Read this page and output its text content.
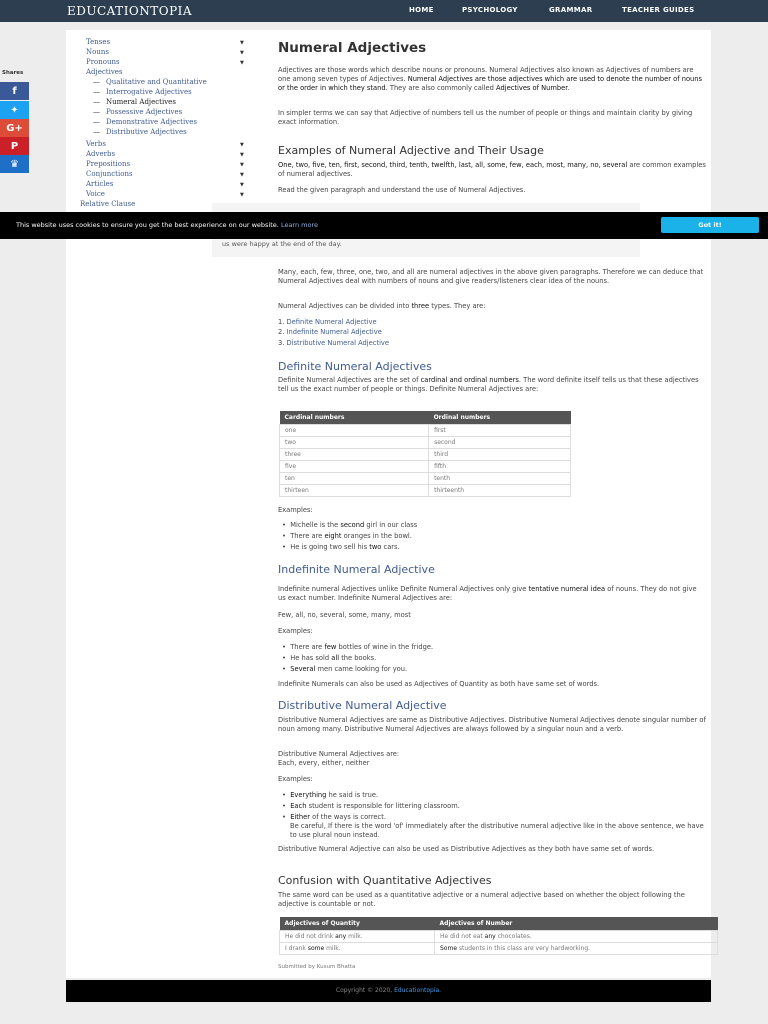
EDUCATIONTOPIA	HOME	PSYCHOLOGY	GRAMMAR	TEACHER GUIDES
Shares
f
✦
G+
P
♛
Tenses	▼
Nouns	▼
Pronouns	▼
Adjectives
— Qualitative and Quantitative
— Interrogative Adjectives
— Numeral Adjectives
— Possessive Adjectives
— Demonstrative Adjectives
— Distributive Adjectives
Verbs	▼
Adverbs	▼
Prepositions	▼
Conjunctions	▼
Articles	▼
Voice	▼
Relative Clause
Numeral Adjectives
Adjectives are those words which describe nouns or pronouns. Numeral Adjectives also known as Adjectives of numbers are one among seven types of Adjectives. Numeral Adjectives are those adjectives which are used to denote the number of nouns or the order in which they stand. They are also commonly called Adjectives of Number.
In simpler terms we can say that Adjective of numbers tell us the number of people or things and maintain clarity by giving exact information.
Examples of Numeral Adjective and Their Usage
One, two, five, ten, first, second, third, tenth, twelfth, last, all, some, few, each, most, many, no, several are common examples of numeral adjectives.
Read the given paragraph and understand the use of Numeral Adjectives.
us were happy at the end of the day.
This website uses cookies to ensure you get the best experience on our website. Learn more	Got it!
Many, each, few, three, one, two, and all are numeral adjectives in the above given paragraphs. Therefore we can deduce that Numeral Adjectives deal with numbers of nouns and give readers/listeners clear idea of the nouns.
Numeral Adjectives can be divided into three types. They are:
1. Definite Numeral Adjective
2. Indefinite Numeral Adjective
3. Distributive Numeral Adjective
Definite Numeral Adjectives
Definite Numeral Adjectives are the set of cardinal and ordinal numbers. The word definite itself tells us that these adjectives tell us the exact number of people or things. Definite Numeral Adjectives are:
Cardinal numbers	Ordinal numbers
one	first
two	second
three	third
five	fifth
ten	tenth
thirteen	thirteenth
Examples:
•  Michelle is the second girl in our class
•  There are eight oranges in the bowl.
•  He is going two sell his two cars.
Indefinite Numeral Adjective
Indefinite numeral Adjectives unlike Definite Numeral Adjectives only give tentative numeral idea of nouns. They do not give us exact number. Indefinite Numeral Adjectives are:
Few, all, no, several, some, many, most
Examples:
•  There are few bottles of wine in the fridge.
•  He has sold all the books.
•  Several men came looking for you.
Indefinite Numerals can also be used as Adjectives of Quantity as both have same set of words.
Distributive Numeral Adjective
Distributive Numeral Adjectives are same as Distributive Adjectives. Distributive Numeral Adjectives denote singular number of noun among many. Distributive Numeral Adjectives are always followed by a singular noun and a verb.
Distributive Numeral Adjectives are:
Each, every, either, neither
Examples:
•  Everything he said is true.
•  Each student is responsible for littering classroom.
•  Either of the ways is correct.
Be careful, If there is the word 'of' immediately after the distributive numeral adjective like in the above sentence, we have to use plural noun instead.
Distributive Numeral Adjective can also be used as Distributive Adjectives as they both have same set of words.
Confusion with Quantitative Adjectives
The same word can be used as a quantitative adjective or a numeral adjective based on whether the object following the adjective is countable or not.
Adjectives of Quantity	Adjectives of Number
He did not drink any milk.	He did not eat any chocolates.
I drank some milk.	Some students in this class are very hardworking.
Submitted by Kusum Bhatta
Copyright © 2020, Educationtopia.
